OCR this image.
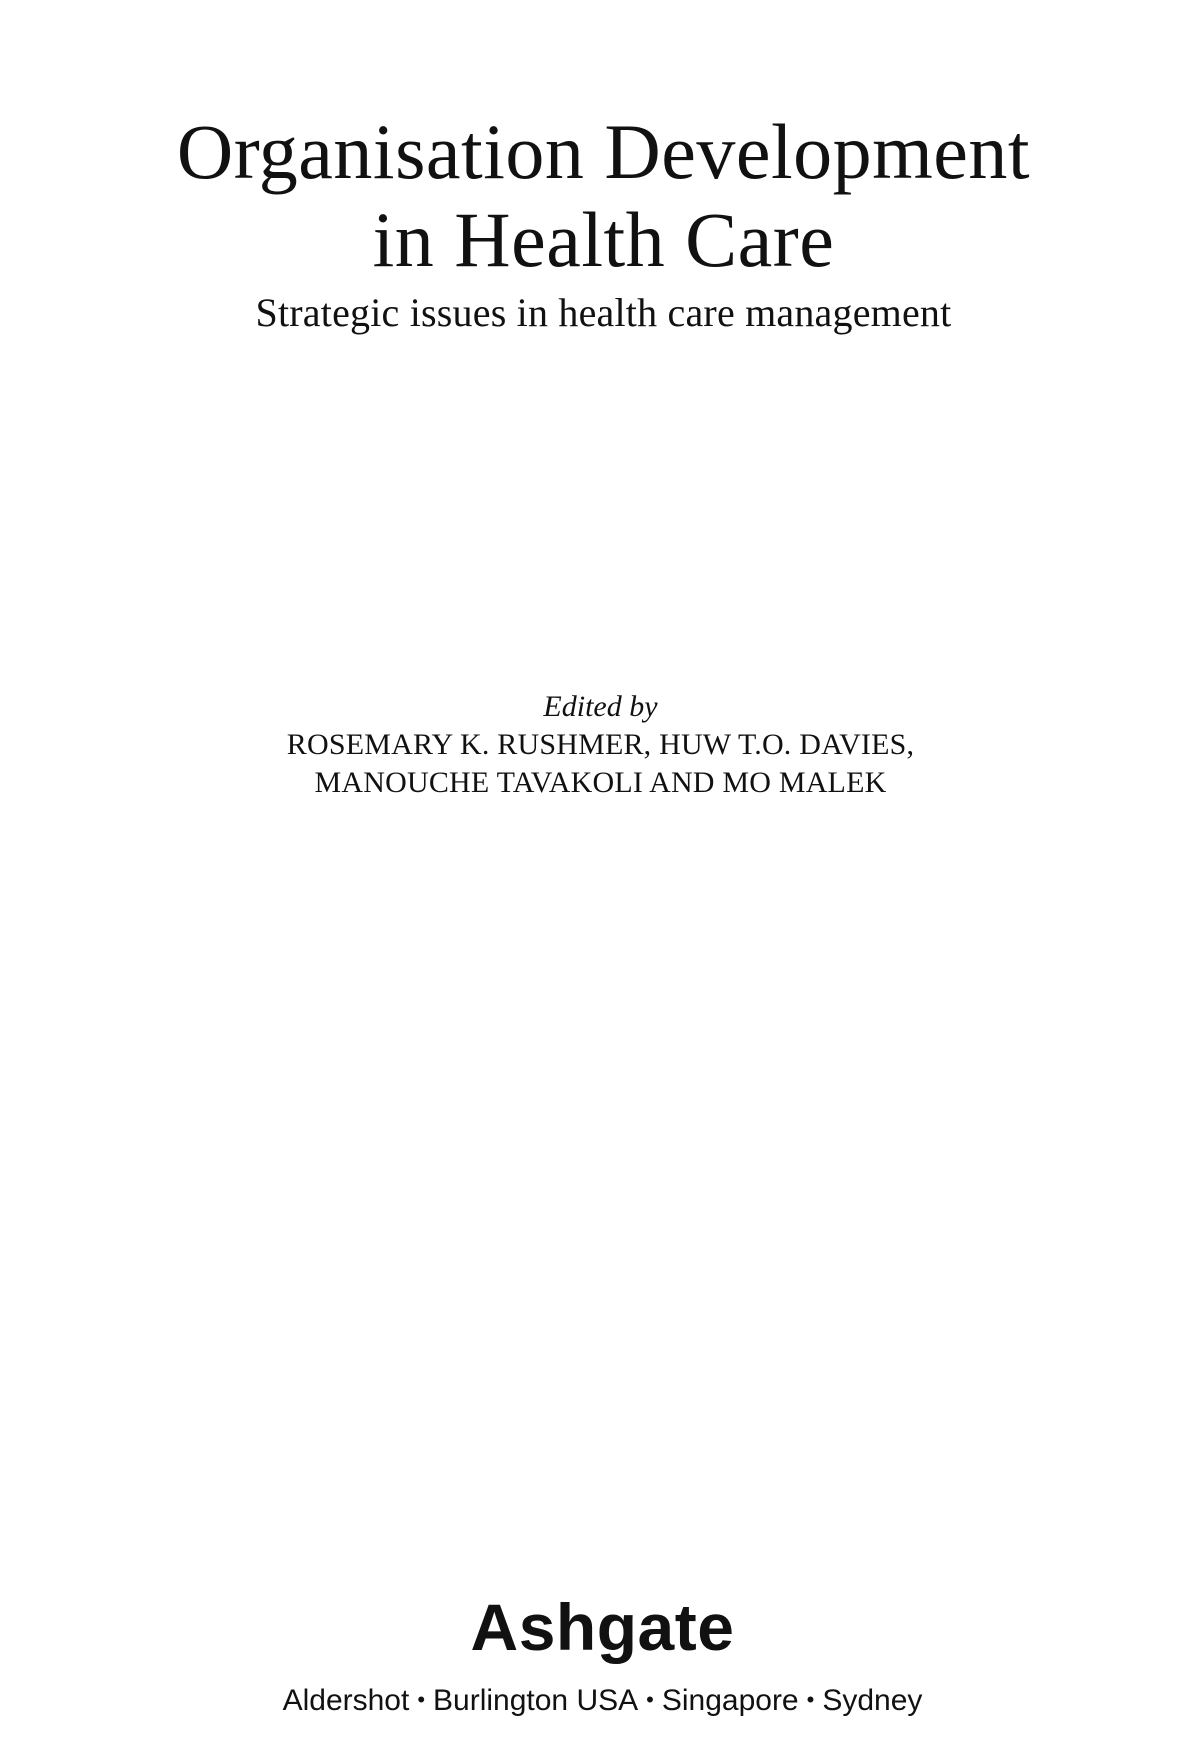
Organisation Development
in Health Care
Strategic issues in health care management
Edited by
ROSEMARY K. RUSHMER, HUW T.O. DAVIES,
MANOUCHE TAVAKOLI AND MO MALEK
Ashgate
Aldershot • Burlington USA • Singapore • Sydney
